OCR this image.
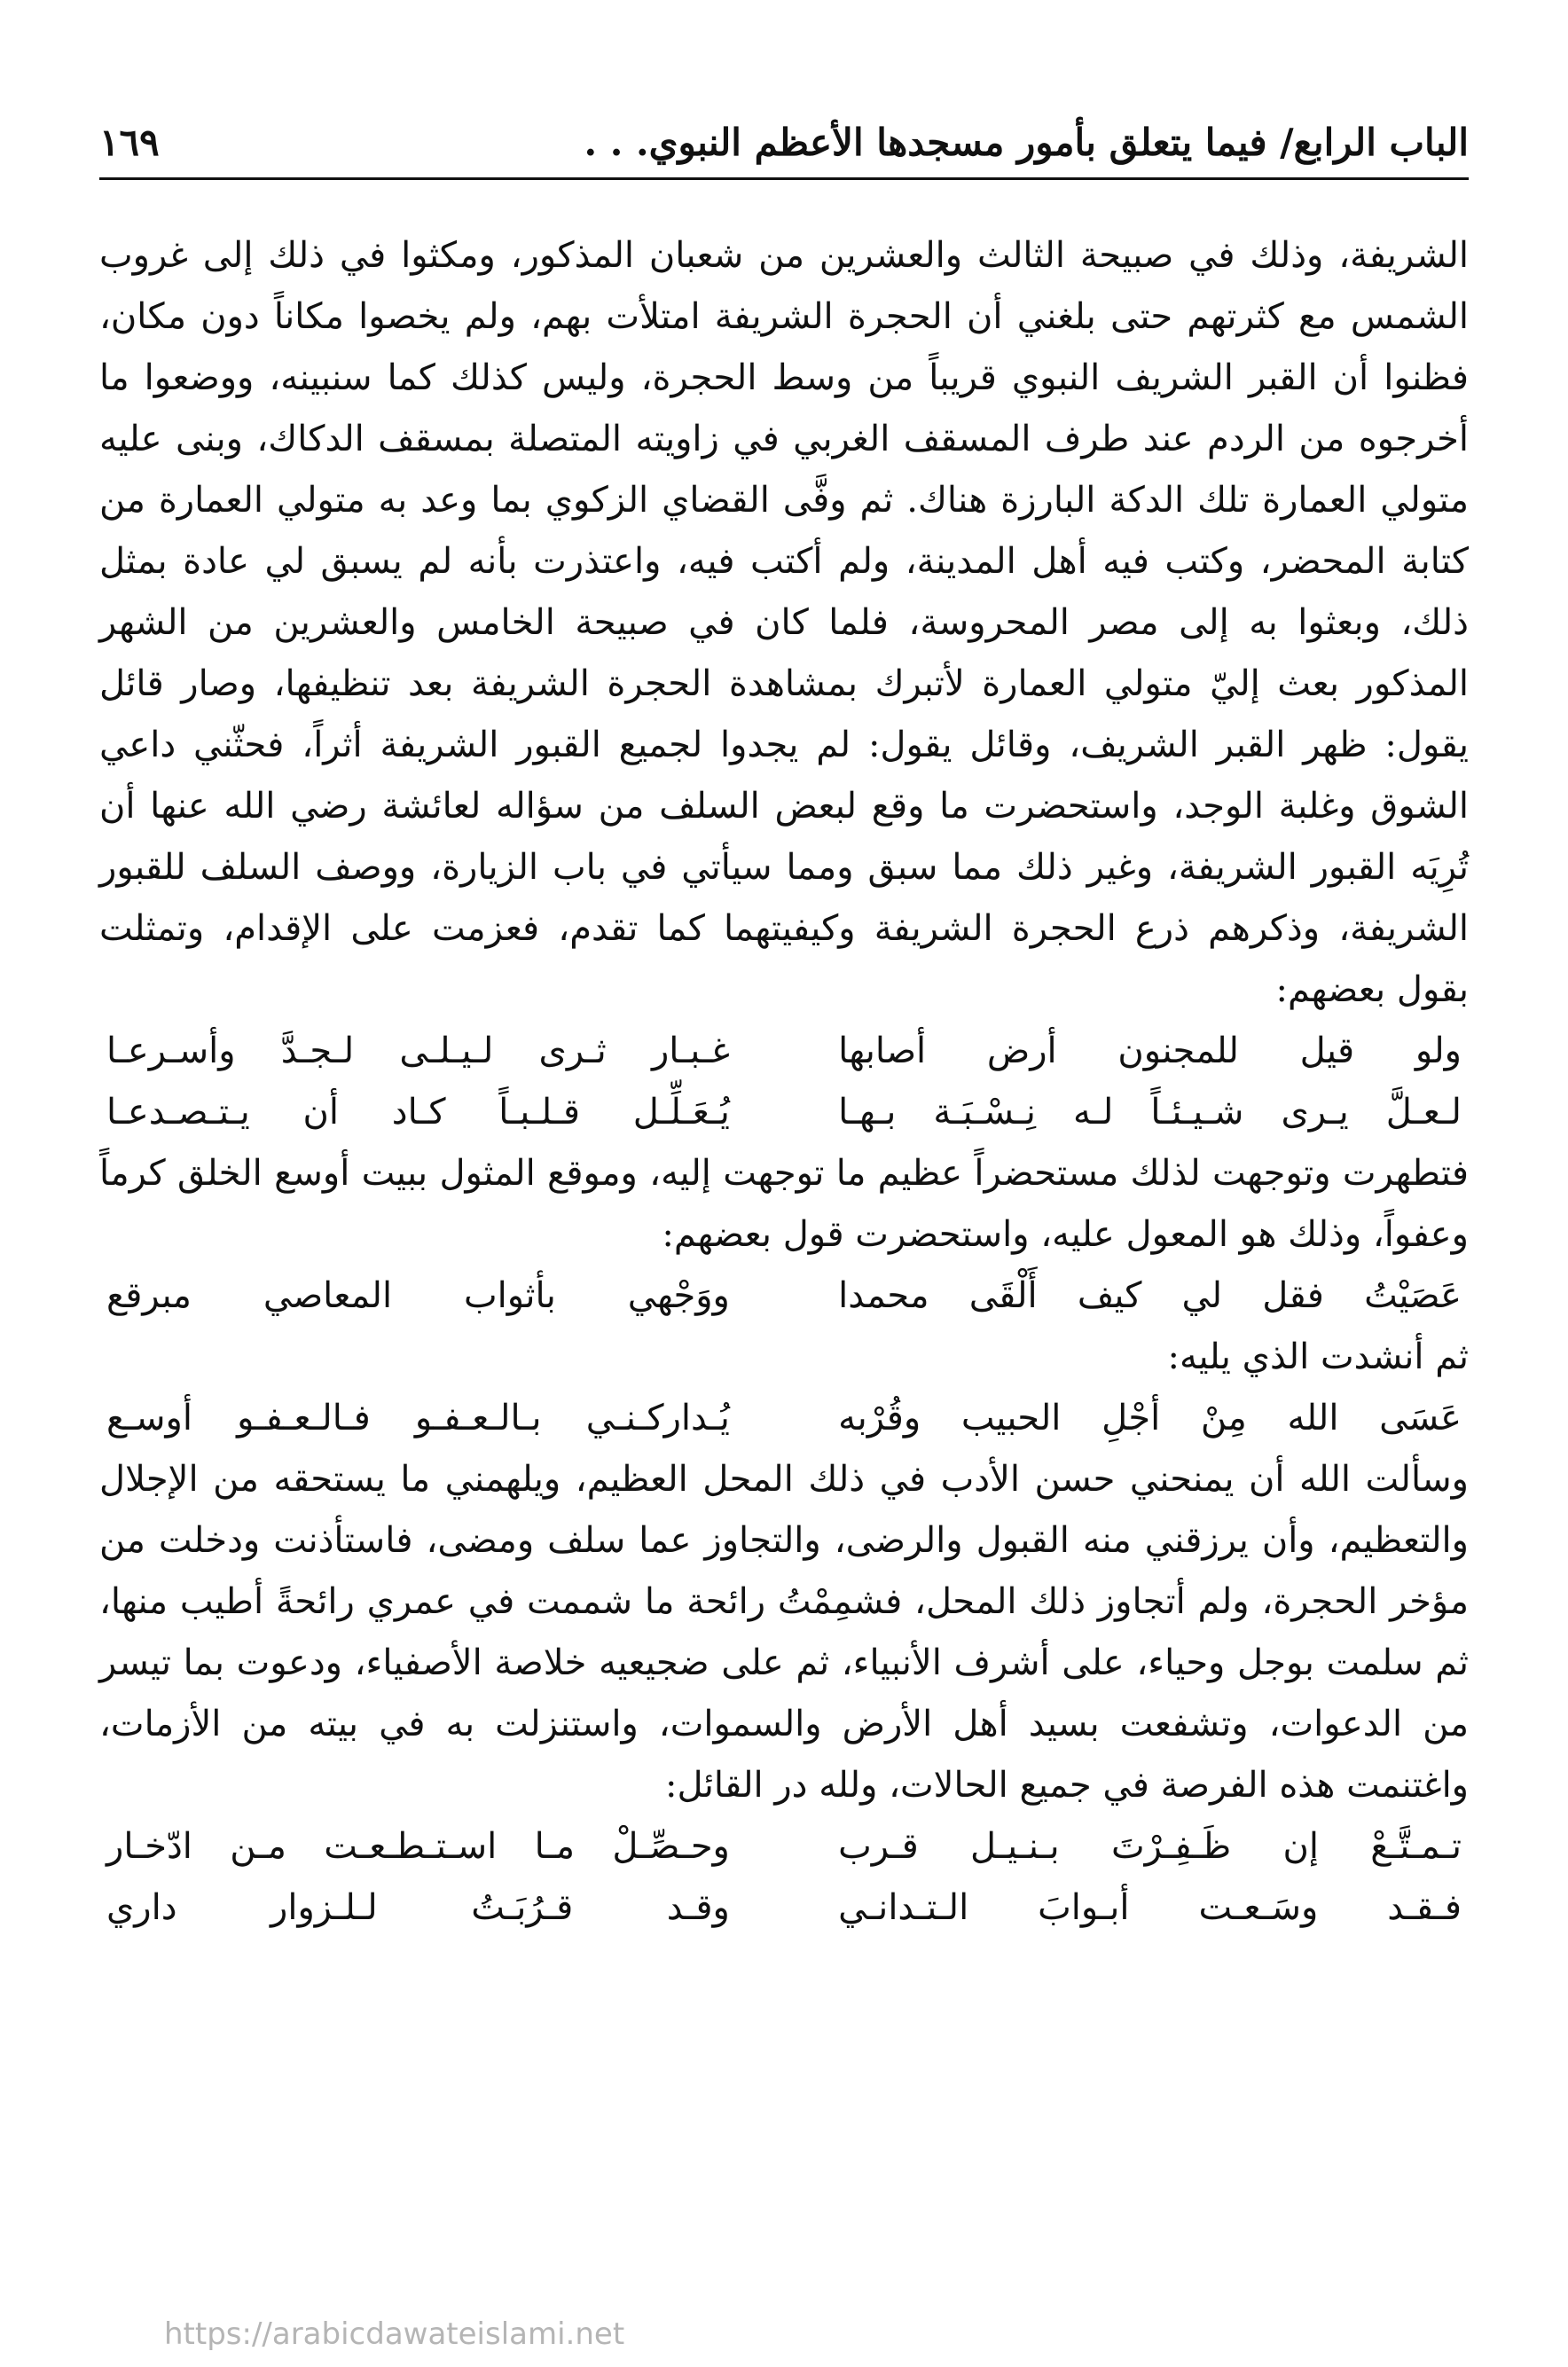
الباب الرابع/ فيما يتعلق بأمور مسجدها الأعظم النبوي. . .
١٦٩

الشريفة، وذلك في صبيحة الثالث والعشرين من شعبان المذكور، ومكثوا في ذلك إلى غروب الشمس مع كثرتهم حتى بلغني أن الحجرة الشريفة امتلأت بهم، ولم يخصوا مكاناً دون مكان، فظنوا أن القبر الشريف النبوي قريباً من وسط الحجرة، وليس كذلك كما سنبينه، ووضعوا ما أخرجوه من الردم عند طرف المسقف الغربي في زاويته المتصلة بمسقف الدكاك، وبنى عليه متولي العمارة تلك الدكة البارزة هناك. ثم وفَّى القضاي الزكوي بما وعد به متولي العمارة من كتابة المحضر، وكتب فيه أهل المدينة، ولم أكتب فيه، واعتذرت بأنه لم يسبق لي عادة بمثل ذلك، وبعثوا به إلى مصر المحروسة، فلما كان في صبيحة الخامس والعشرين من الشهر المذكور بعث إليّ متولي العمارة لأتبرك بمشاهدة الحجرة الشريفة بعد تنظيفها، وصار قائل يقول: ظهر القبر الشريف، وقائل يقول: لم يجدوا لجميع القبور الشريفة أثراً، فحثّني داعي الشوق وغلبة الوجد، واستحضرت ما وقع لبعض السلف من سؤاله لعائشة رضي الله عنها أن تُرِيَه القبور الشريفة، وغير ذلك مما سبق ومما سيأتي في باب الزيارة، ووصف السلف للقبور الشريفة، وذكرهم ذرع الحجرة الشريفة وكيفيتهما كما تقدم، فعزمت على الإقدام، وتمثلت بقول بعضهم:

ولو قيل للمجنون أرض أصابها
غـبـار ثـرى لـيـلـى لـجـدَّ وأسـرعـا
لـعـلَّ يـرى شـيـئـاً لـه نِـسْـبَـة بـهـا
يُـعَـلِّـل قـلـبـاً كـاد أن يـتـصـدعـا

فتطهرت وتوجهت لذلك مستحضراً عظيم ما توجهت إليه، وموقع المثول ببيت أوسع الخلق كرماً وعفواً، وذلك هو المعول عليه، واستحضرت قول بعضهم:

عَصَيْتُ فقل لي كيف أَلْقَى محمدا
ووَجْهي بأثواب المعاصي مبرقع

ثم أنشدت الذي يليه:

عَسَى الله مِنْ أجْلِ الحبيب وقُرْبه
يُـداركـنـي بـالـعـفـو فـالـعـفـو أوسـع

وسألت الله أن يمنحني حسن الأدب في ذلك المحل العظيم، ويلهمني ما يستحقه من الإجلال والتعظيم، وأن يرزقني منه القبول والرضى، والتجاوز عما سلف ومضى، فاستأذنت ودخلت من مؤخر الحجرة، ولم أتجاوز ذلك المحل، فشمِمْتُ رائحة ما شممت في عمري رائحةً أطيب منها، ثم سلمت بوجل وحياء، على أشرف الأنبياء، ثم على ضجيعيه خلاصة الأصفياء، ودعوت بما تيسر من الدعوات، وتشفعت بسيد أهل الأرض والسموات، واستنزلت به في بيته من الأزمات، واغتنمت هذه الفرصة في جميع الحالات، ولله در القائل:

تـمـتَّـعْ إن ظَـفِـرْتَ بـنـيـل قـرب
وحـصِّـلْ مـا اسـتـطـعـت مـن ادّخـار
فـقـد وسَـعـت أبـوابَ الـتـدانـي
وقـد قـرُبَـتُ لـلـزوار داري
https://arabicdawateislami.net
